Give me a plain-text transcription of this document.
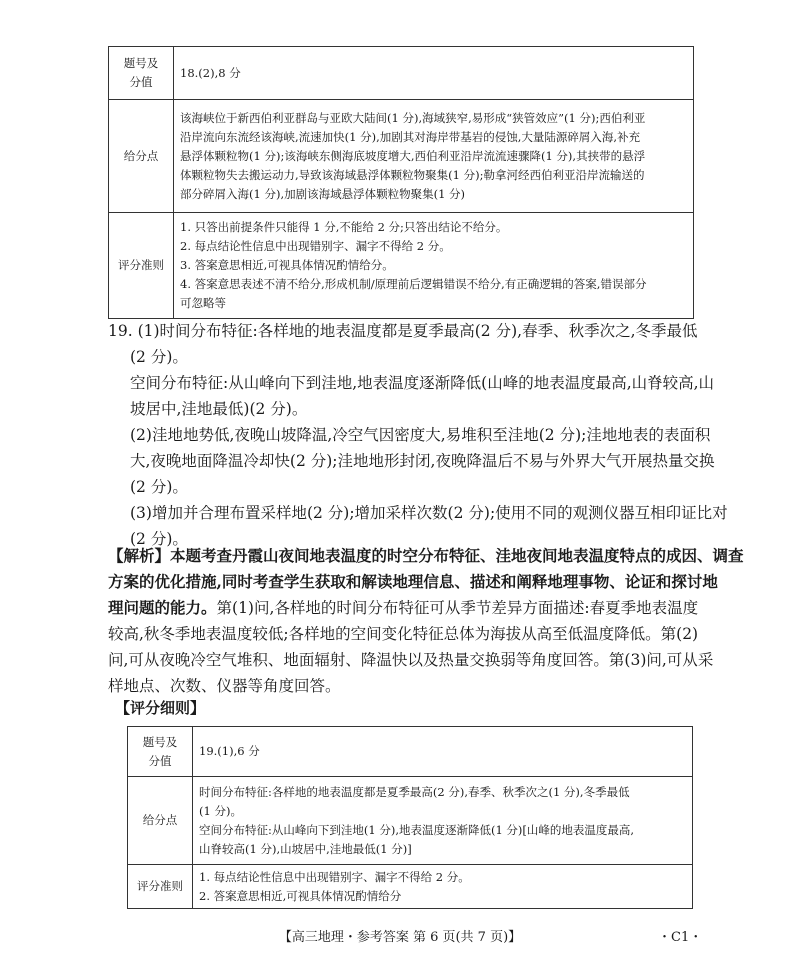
题号及
分值	18.(2),8 分
给分点	该海峡位于新西伯利亚群岛与亚欧大陆间(1 分),海域狭窄,易形成“狭管效应”(1 分);西伯利亚
沿岸流向东流经该海峡,流速加快(1 分),加剧其对海岸带基岩的侵蚀,大量陆源碎屑入海,补充
悬浮体颗粒物(1 分);该海峡东侧海底坡度增大,西伯利亚沿岸流流速骤降(1 分),其挟带的悬浮
体颗粒物失去搬运动力,导致该海域悬浮体颗粒物聚集(1 分);勒拿河经西伯利亚沿岸流输送的
部分碎屑入海(1 分),加剧该海域悬浮体颗粒物聚集(1 分)

评分准则	1. 只答出前提条件只能得 1 分,不能给 2 分;只答出结论不给分。
2. 每点结论性信息中出现错别字、漏字不得给 2 分。
3. 答案意思相近,可视具体情况酌情给分。
4. 答案意思表述不清不给分,形成机制/原理前后逻辑错误不给分,有正确逻辑的答案,错误部分
可忽略等
19. (1)时间分布特征:各样地的地表温度都是夏季最高(2 分),春季、秋季次之,冬季最低
(2 分)。
空间分布特征:从山峰向下到洼地,地表温度逐渐降低(山峰的地表温度最高,山脊较高,山
坡居中,洼地最低)(2 分)。
(2)洼地地势低,夜晚山坡降温,冷空气因密度大,易堆积至洼地(2 分);洼地地表的表面积
大,夜晚地面降温冷却快(2 分);洼地地形封闭,夜晚降温后不易与外界大气开展热量交换
(2 分)。
(3)增加并合理布置采样地(2 分);增加采样次数(2 分);使用不同的观测仪器互相印证比对
(2 分)。
【解析】本题考查丹霞山夜间地表温度的时空分布特征、洼地夜间地表温度特点的成因、调查
方案的优化措施,同时考查学生获取和解读地理信息、描述和阐释地理事物、论证和探讨地
理问题的能力。第(1)问,各样地的时间分布特征可从季节差异方面描述:春夏季地表温度
较高,秋冬季地表温度较低;各样地的空间变化特征总体为海拔从高至低温度降低。第(2)
问,可从夜晚冷空气堆积、地面辐射、降温快以及热量交换弱等角度回答。第(3)问,可从采
样地点、次数、仪器等角度回答。
【评分细则】
题号及
分值	19.(1),6 分
给分点	时间分布特征:各样地的地表温度都是夏季最高(2 分),春季、秋季次之(1 分),冬季最低
(1 分)。
空间分布特征:从山峰向下到洼地(1 分),地表温度逐渐降低(1 分)[山峰的地表温度最高,
山脊较高(1 分),山坡居中,洼地最低(1 分)]

评分准则	1. 每点结论性信息中出现错别字、漏字不得给 2 分。
2. 答案意思相近,可视具体情况酌情给分
【高三地理・参考答案 第 6 页(共 7 页)】	・C1・
